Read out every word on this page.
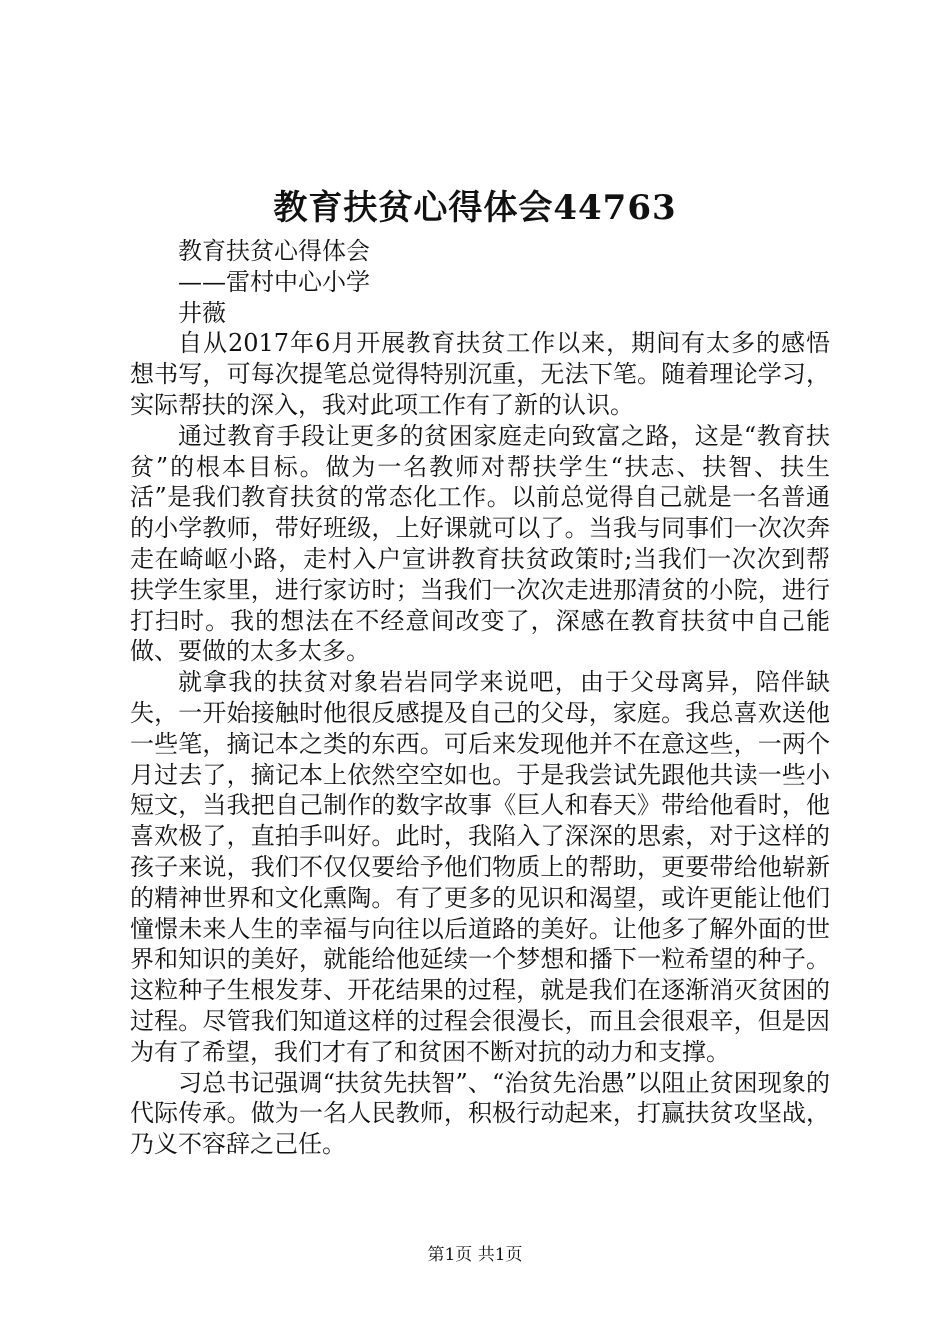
教育扶贫心得体会44763

教育扶贫心得体会

——雷村中心小学

井薇

自从2017年6月开展教育扶贫工作以来，期间有太多的感悟想书写，可每次提笔总觉得特别沉重，无法下笔。随着理论学习，实际帮扶的深入，我对此项工作有了新的认识。

通过教育手段让更多的贫困家庭走向致富之路，这是“教育扶贫”的根本目标。做为一名教师对帮扶学生“扶志、扶智、扶生活”是我们教育扶贫的常态化工作。以前总觉得自己就是一名普通的小学教师，带好班级，上好课就可以了。当我与同事们一次次奔走在崎岖小路，走村入户宣讲教育扶贫政策时;当我们一次次到帮扶学生家里，进行家访时；当我们一次次走进那清贫的小院，进行打扫时。我的想法在不经意间改变了，深感在教育扶贫中自己能做、要做的太多太多。

就拿我的扶贫对象岩岩同学来说吧，由于父母离异，陪伴缺失，一开始接触时他很反感提及自己的父母，家庭。我总喜欢送他一些笔，摘记本之类的东西。可后来发现他并不在意这些，一两个月过去了，摘记本上依然空空如也。于是我尝试先跟他共读一些小短文，当我把自己制作的数字故事《巨人和春天》带给他看时，他喜欢极了，直拍手叫好。此时，我陷入了深深的思索，对于这样的孩子来说，我们不仅仅要给予他们物质上的帮助，更要带给他崭新的精神世界和文化熏陶。有了更多的见识和渴望，或许更能让他们憧憬未来人生的幸福与向往以后道路的美好。让他多了解外面的世界和知识的美好，就能给他延续一个梦想和播下一粒希望的种子。这粒种子生根发芽、开花结果的过程，就是我们在逐渐消灭贫困的过程。尽管我们知道这样的过程会很漫长，而且会很艰辛，但是因为有了希望，我们才有了和贫困不断对抗的动力和支撑。

习总书记强调“扶贫先扶智”、“治贫先治愚”以阻止贫困现象的代际传承。做为一名人民教师，积极行动起来，打赢扶贫攻坚战，乃义不容辞之己任。

第1页 共1页
